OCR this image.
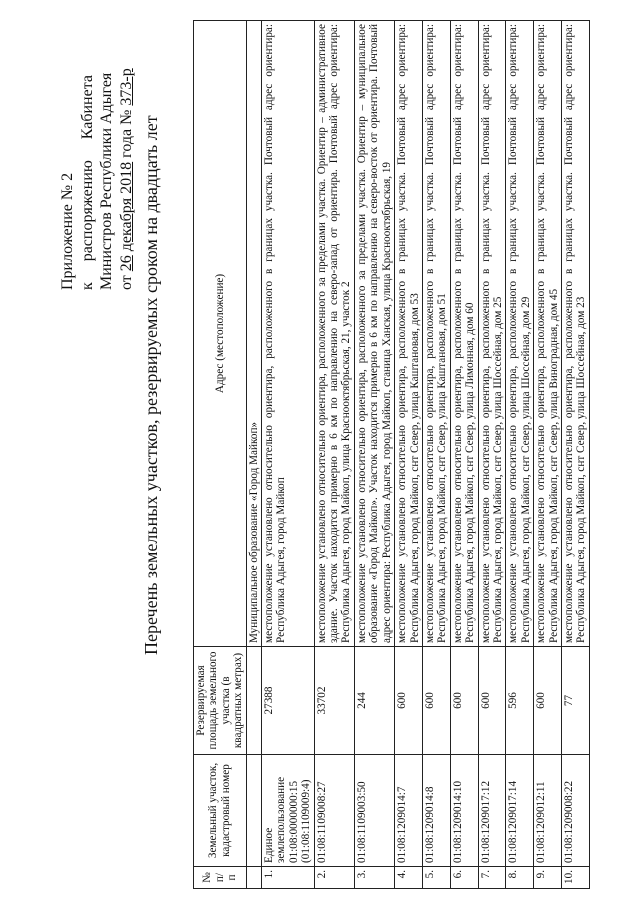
Приложение № 2 к
распоряжению
Кабинета Министров Республики Адыгея от 26 декабря 2018 года № 373-р
Перечень земельных участков, резервируемых сроком на двадцать лет
№ п/п	Земельный участок, кадастровый номер	Резервируемая площадь земельного участка (в квадратных метрах)	Адрес (местоположение)
			Муниципальное образование «Город Майкоп»
1.	Единое землепользование 01:08:0000000:15 (01:08:1109009:4)	27388	местоположение установлено относительно ориентира, расположенного в границах участка. Почтовый адрес ориентира: Республика Адыгея, город Майкоп
2.	01:08:1109008:27	33702	местоположение установлено относительно ориентира, расположенного за пределами участка. Ориентир – административное здание. Участок находится примерно в 6 км по направлению на северо-запад от ориентира. Почтовый адрес ориентира: Республика Адыгея, город Майкоп, улица Краснооктябрьская, 21, участок 2
3.	01:08:1109003:50	244	местоположение установлено относительно ориентира, расположенного за пределами участка. Ориентир – муниципальное образование «Город Майкоп». Участок находится примерно в 6 км по направлению на северо-восток от ориентира. Почтовый адрес ориентира: Республика Адыгея, город Майкоп, станица Ханская, улица Краснооктябрьская, 19
4.	01:08:1209014:7	600	местоположение установлено относительно ориентира, расположенного в границах участка. Почтовый адрес ориентира: Республика Адыгея, город Майкоп, снт Север, улица Каштановая, дом 53
5.	01:08:1209014:8	600	местоположение установлено относительно ориентира, расположенного в границах участка. Почтовый адрес ориентира: Республика Адыгея, город Майкоп, снт Север, улица Каштановая, дом 51
6.	01:08:1209014:10	600	местоположение установлено относительно ориентира, расположенного в границах участка. Почтовый адрес ориентира: Республика Адыгея, город Майкоп, снт Север, улица Лимонная, дом 60
7.	01:08:1209017:12	600	местоположение установлено относительно ориентира, расположенного в границах участка. Почтовый адрес ориентира: Республика Адыгея, город Майкоп, снт Север, улица Шоссейная, дом 25
8.	01:08:1209017:14	596	местоположение установлено относительно ориентира, расположенного в границах участка. Почтовый адрес ориентира: Республика Адыгея, город Майкоп, снт Север, улица Шоссейная, дом 29
9.	01:08:1209012:11	600	местоположение установлено относительно ориентира, расположенного в границах участка. Почтовый адрес ориентира: Республика Адыгея, город Майкоп, снт Север, улица Виноградная, дом 45
10.	01:08:1209008:22	77	местоположение установлено относительно ориентира, расположенного в границах участка. Почтовый адрес ориентира: Республика Адыгея, город Майкоп, снт Север, улица Шоссейная, дом 23
